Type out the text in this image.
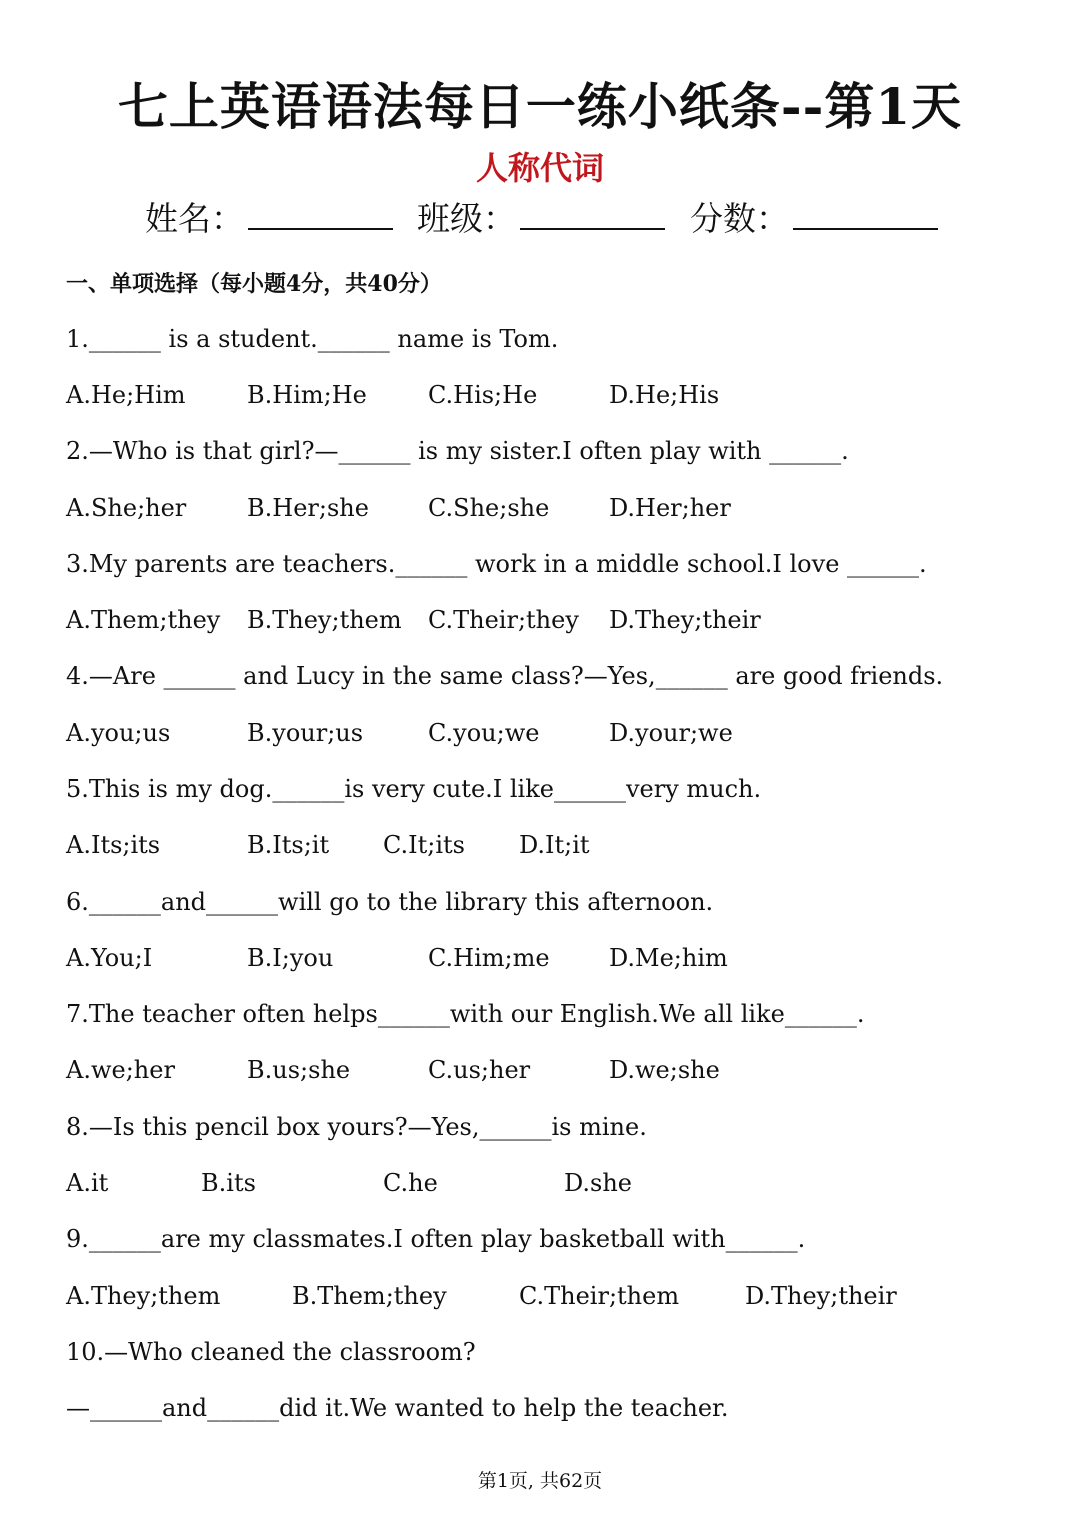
七上英语语法每日一练小纸条--第1天
人称代词
姓名：	班级：	分数：
一、单项选择（每小题4分，共40分）
1.______ is a student.______ name is Tom.
A.He;Him	B.Him;He	C.His;He	D.He;His
2.—Who is that girl?—______ is my sister.I often play with ______.
A.She;her	B.Her;she C.She;she D.Her;her
3.My parents are teachers.______ work in a middle school.I love ______.
A.Them;they B.They;them C.Their;they D.They;their
4.—Are ______ and Lucy in the same class?—Yes,______ are good friends.
A.you;us	B.your;us	C.you;we	D.your;we
5.This is my dog.______is very cute.I like______very much.
A.Its;its	B.Its;it C.It;its D.It;it
6.______and______will go to the library this afternoon.
A.You;I	B.I;you	C.Him;me D.Me;him
7.The teacher often helps______with our English.We all like______.
A.we;her	B.us;she	C.us;her	D.we;she
8.—Is this pencil box yours?—Yes,______is mine.
A.it	B.its	C.he	D.she
9.______are my classmates.I often play basketball with______.
A.They;them	B.Them;they	C.Their;them	D.They;their
10.—Who cleaned the classroom?
—______and______did it.We wanted to help the teacher.
第1页, 共62页
